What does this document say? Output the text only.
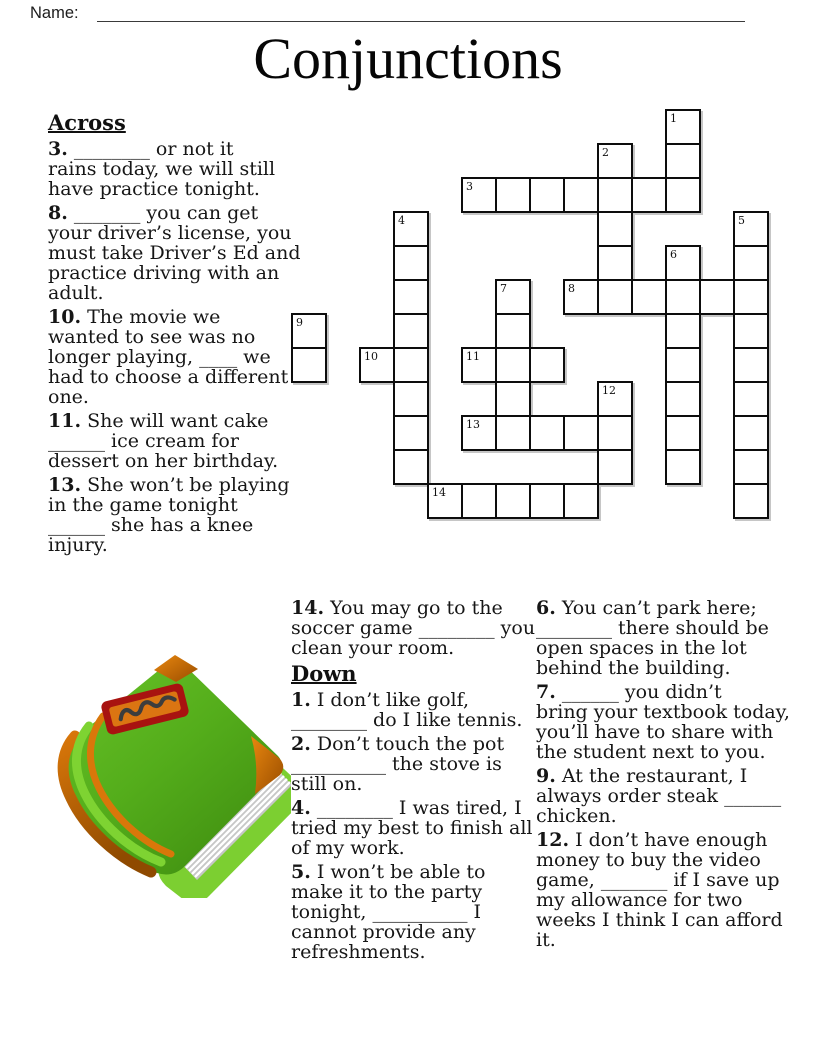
Name:
Conjunctions
1
2
3
4	5
6
7	8
9
10	11
12
13
14
Across

3. ________ or not it
rains today, we will still
have practice tonight.

8. _______ you can get
your driver’s license, you
must take Driver’s Ed and
practice driving with an
adult.

10. The movie we
wanted to see was no
longer playing, ____ we
had to choose a different
one.

11. She will want cake
______ ice cream for
dessert on her birthday.

13. She won’t be playing
in the game tonight
______ she has a knee
injury.

14. You may go to the
soccer game ________ you
clean your room.

Down

1. I don’t like golf,
________ do I like tennis.

2. Don’t touch the pot
__________ the stove is
still on.

4. ________ I was tired, I
tried my best to finish all
of my work.

5. I won’t be able to
make it to the party
tonight, __________ I
cannot provide any
refreshments.

6. You can’t park here;
________ there should be
open spaces in the lot
behind the building.

7. ______ you didn’t
bring your textbook today,
you’ll have to share with
the student next to you.

9. At the restaurant, I
always order steak ______
chicken.

12. I don’t have enough
money to buy the video
game, _______ if I save up
my allowance for two
weeks I think I can afford
it.
